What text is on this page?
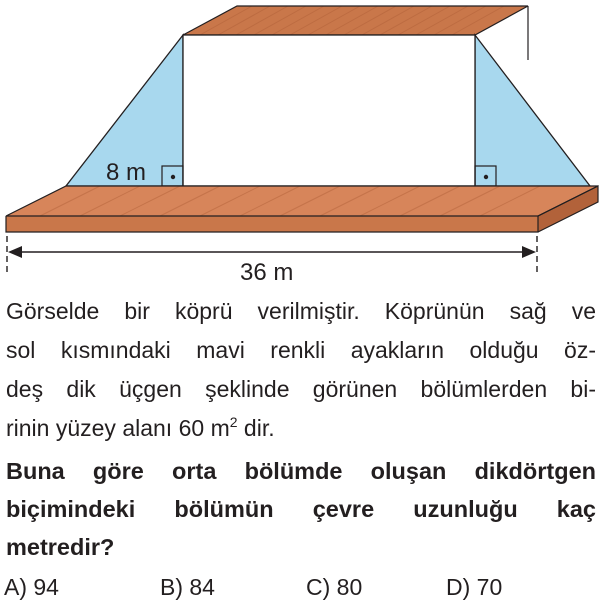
8 m
36 m

Görselde bir köprü verilmiştir. Köprünün sağ ve

sol kısmındaki mavi renkli ayakların olduğu öz-

deş dik üçgen şeklinde görünen bölümlerden bi-

rinin yüzey alanı 60 $m^2$ dir.

Buna göre orta bölümde oluşan dikdörtgen

biçimindeki bölümün çevre uzunluğu kaç

metredir?

A) 94	B) 84	C) 80	D) 70
